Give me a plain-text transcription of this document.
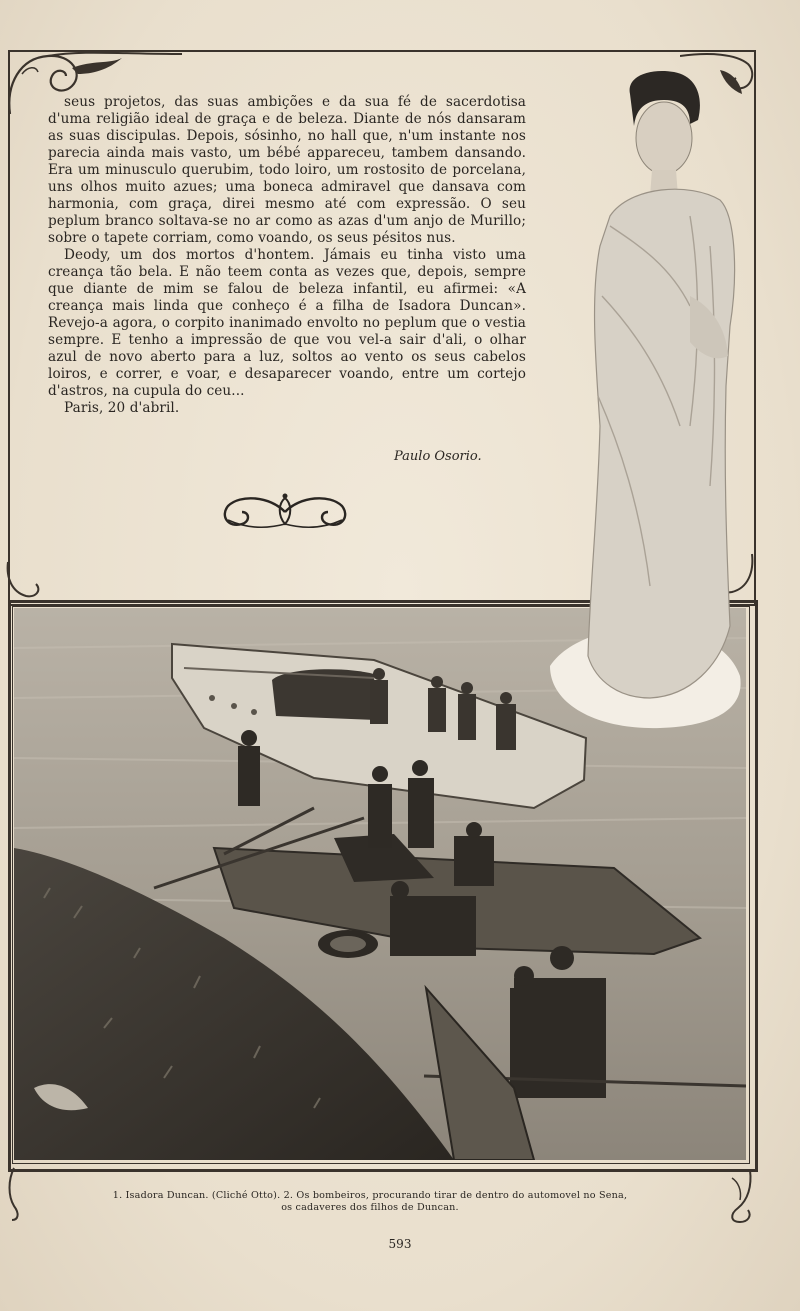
seus projetos, das suas ambições e da sua fé de sacerdotisa d'uma religião ideal de graça e de beleza. Diante de nós dansaram as suas discipulas. Depois, sósinho, no hall que, n'um instante nos parecia ainda mais vasto, um bébé appareceu, tambem dansando. Era um minusculo querubim, todo loiro, um rostosito de porcelana, uns olhos muito azues; uma boneca admiravel que dansava com harmonia, com graça, direi mesmo até com expressão. O seu peplum branco soltava-se no ar como as azas d'um anjo de Murillo; sobre o tapete corriam, como voando, os seus pésitos nus.

Deody, um dos mortos d'hontem. Jámais eu tinha visto uma creança tão bela. E não teem conta as vezes que, depois, sempre que diante de mim se falou de beleza infantil, eu afirmei: «A creança mais linda que conheço é a filha de Isadora Duncan». Revejo-a agora, o corpito inanimado envolto no peplum que o vestia sempre. E tenho a impressão de que vou vel-a sair d'ali, o olhar azul de novo aberto para a luz, soltos ao vento os seus cabelos loiros, e correr, e voar, e desaparecer voando, entre um cortejo d'astros, na cupula do ceu...

Paris, 20 d'abril.

Paulo Osorio.
1. Isadora Duncan. (Cliché Otto). 2. Os bombeiros, procurando tirar de dentro do automovel no Sena,
os cadaveres dos filhos de Duncan.
593
